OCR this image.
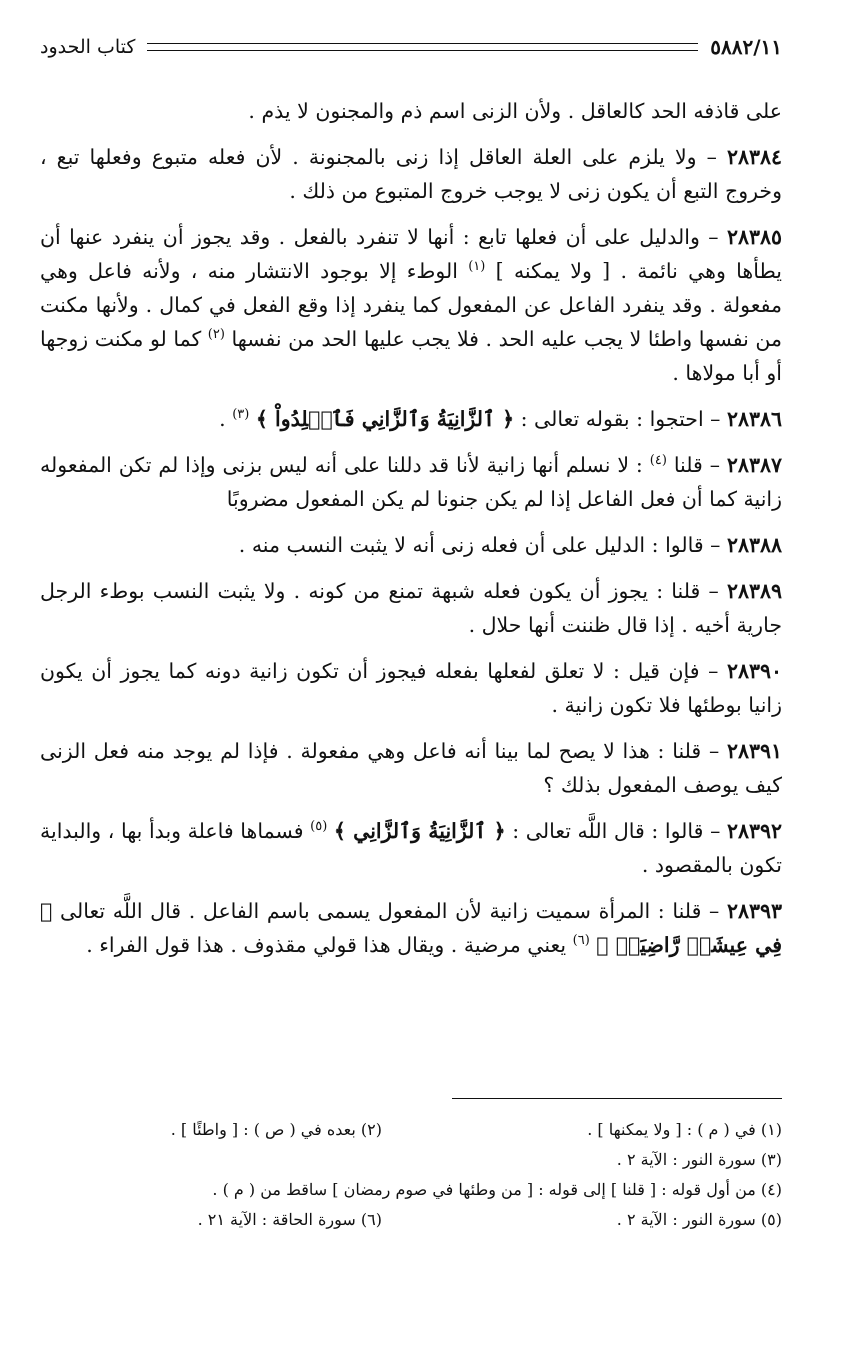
٥٨٨٢/١١
كتاب الحدود

على قاذفه الحد كالعاقل . ولأن الزنى اسم ذم والمجنون لا يذم .

٢٨٣٨٤ – ولا يلزم على العلة العاقل إذا زنى بالمجنونة . لأن فعله متبوع وفعلها تبع ، وخروج التبع أن يكون زنى لا يوجب خروج المتبوع من ذلك .

٢٨٣٨٥ – والدليل على أن فعلها تابع : أنها لا تنفرد بالفعل . وقد يجوز أن ينفرد عنها أن يطأها وهي نائمة . [ ولا يمكنه ] $^{(١)}$ الوطء إلا بوجود الانتشار منه ، ولأنه فاعل وهي مفعولة . وقد ينفرد الفاعل عن المفعول كما ينفرد إذا وقع الفعل في كمال . ولأنها مكنت من نفسها واطئا لا يجب عليه الحد . فلا يجب عليها الحد من نفسها $^{(٢)}$ كما لو مكنت زوجها أو أبا مولاها .

٢٨٣٨٦ – احتجوا : بقوله تعالى : ﴿ ٱلزَّانِيَةُ وَٱلزَّانِي فَٱجۡلِدُواْ ﴾ $^{(٣)}$ .

٢٨٣٨٧ – قلنا $^{(٤)}$ : لا نسلم أنها زانية لأنا قد دللنا على أنه ليس بزنى وإذا لم تكن المفعوله زانية كما أن فعل الفاعل إذا لم يكن جنونا لم يكن المفعول مضروبًا

٢٨٣٨٨ – قالوا : الدليل على أن فعله زنى أنه لا يثبت النسب منه .

٢٨٣٨٩ – قلنا : يجوز أن يكون فعله شبهة تمنع من كونه . ولا يثبت النسب بوطء الرجل جارية أخيه . إذا قال ظننت أنها حلال .

٢٨٣٩٠ – فإن قيل : لا تعلق لفعلها بفعله فيجوز أن تكون زانية دونه كما يجوز أن يكون زانيا بوطئها فلا تكون زانية .

٢٨٣٩١ – قلنا : هذا لا يصح لما بينا أنه فاعل وهي مفعولة . فإذا لم يوجد منه فعل الزنى كيف يوصف المفعول بذلك ؟

٢٨٣٩٢ – قالوا : قال اللَّه تعالى : ﴿ ٱلزَّانِيَةُ وَٱلزَّانِي ﴾ $^{(٥)}$ فسماها فاعلة وبدأ بها ، والبداية تكون بالمقصود .

٢٨٣٩٣ – قلنا : المرأة سميت زانية لأن المفعول يسمى باسم الفاعل . قال اللَّه تعالى ﴿ فِي عِيشَةٖ رَّاضِيَةٖ ﴾ $^{(٦)}$ يعني مرضية . ويقال هذا قولي مقذوف . هذا قول الفراء .

(١) في ( م ) : [ ولا يمكنها ] .
(٢) بعده في ( ص ) : [ واطئًا ] .
(٣) سورة النور : الآية ٢ .
(٤) من أول قوله : [ قلنا ] إلى قوله : [ من وطئها في صوم رمضان ] ساقط من ( م ) .
(٥) سورة النور : الآية ٢ .
(٦) سورة الحاقة : الآية ٢١ .
